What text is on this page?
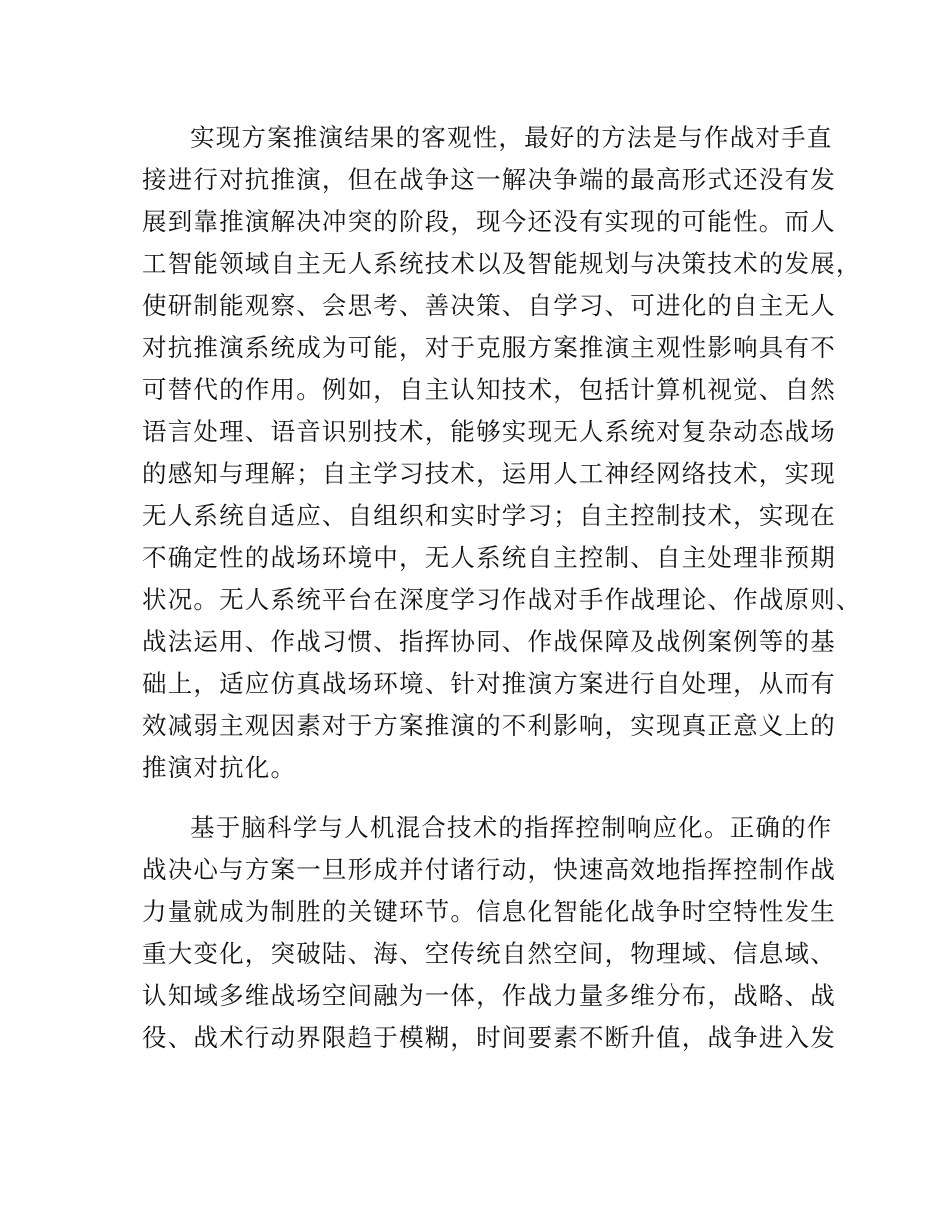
实现方案推演结果的客观性，最好的方法是与作战对手直
接进行对抗推演，但在战争这一解决争端的最高形式还没有发
展到靠推演解决冲突的阶段，现今还没有实现的可能性。而人
工智能领域自主无人系统技术以及智能规划与决策技术的发展，
使研制能观察、会思考、善决策、自学习、可进化的自主无人
对抗推演系统成为可能，对于克服方案推演主观性影响具有不
可替代的作用。例如，自主认知技术，包括计算机视觉、自然
语言处理、语音识别技术，能够实现无人系统对复杂动态战场
的感知与理解；自主学习技术，运用人工神经网络技术，实现
无人系统自适应、自组织和实时学习；自主控制技术，实现在
不确定性的战场环境中，无人系统自主控制、自主处理非预期
状况。无人系统平台在深度学习作战对手作战理论、作战原则、
战法运用、作战习惯、指挥协同、作战保障及战例案例等的基
础上，适应仿真战场环境、针对推演方案进行自处理，从而有
效减弱主观因素对于方案推演的不利影响，实现真正意义上的
推演对抗化。
基于脑科学与人机混合技术的指挥控制响应化。正确的作
战决心与方案一旦形成并付诸行动，快速高效地指挥控制作战
力量就成为制胜的关键环节。信息化智能化战争时空特性发生
重大变化，突破陆、海、空传统自然空间，物理域、信息域、
认知域多维战场空间融为一体，作战力量多维分布，战略、战
役、战术行动界限趋于模糊，时间要素不断升值，战争进入发
